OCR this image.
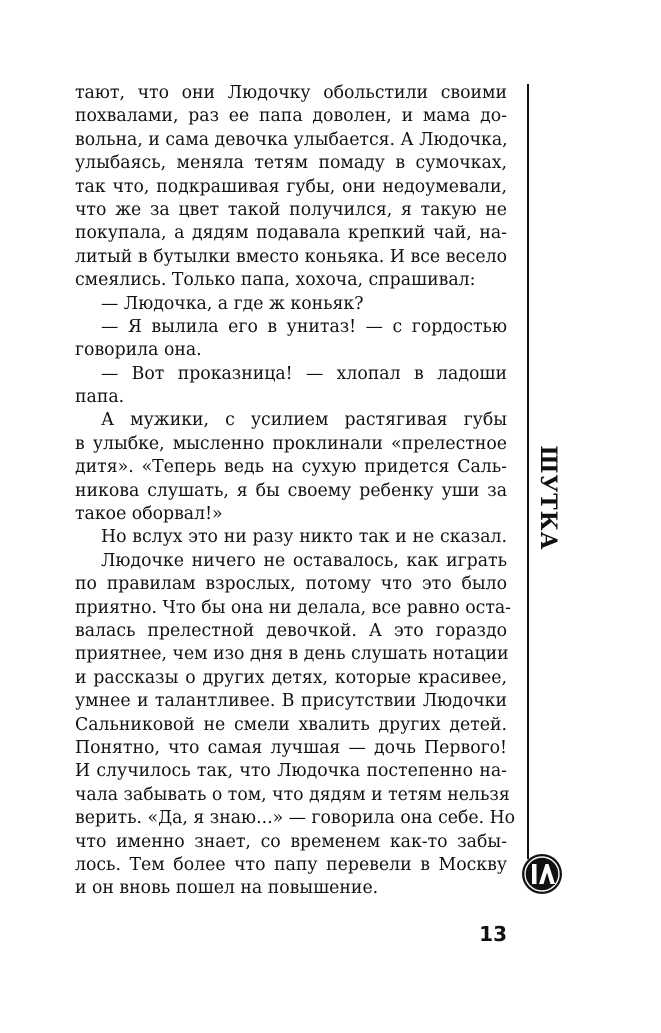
тают, что они Людочку обольстили своими
похвалами, раз ее папа доволен, и мама до-
вольна, и сама девочка улыбается. А Людочка,
улыбаясь, меняла тетям помаду в сумочках,
так что, подкрашивая губы, они недоумевали,
что же за цвет такой получился, я такую не
покупала, а дядям подавала крепкий чай, на-
литый в бутылки вместо коньяка. И все весело
смеялись. Только папа, хохоча, спрашивал:
— Людочка, а где ж коньяк?
— Я вылила его в унитаз! — с гордостью
говорила она.
— Вот проказница! — хлопал в ладоши
папа.
А мужики, с усилием растягивая губы
в улыбке, мысленно проклинали «прелестное
дитя». «Теперь ведь на сухую придется Саль-
никова слушать, я бы своему ребенку уши за
такое оборвал!»
Но вслух это ни разу никто так и не сказал.
Людочке ничего не оставалось, как играть
по правилам взрослых, потому что это было
приятно. Что бы она ни делала, все равно оста-
валась прелестной девочкой. А это гораздо
приятнее, чем изо дня в день слушать нотации
и рассказы о других детях, которые красивее,
умнее и талантливее. В присутствии Людочки
Сальниковой не смели хвалить других детей.
Понятно, что самая лучшая — дочь Первого!
И случилось так, что Людочка постепенно на-
чала забывать о том, что дядям и тетям нельзя
верить. «Да, я знаю...» — говорила она себе. Но
что именно знает, со временем как-то забы-
лось. Тем более что папу перевели в Москву
и он вновь пошел на повышение.
ШУТКА
13
